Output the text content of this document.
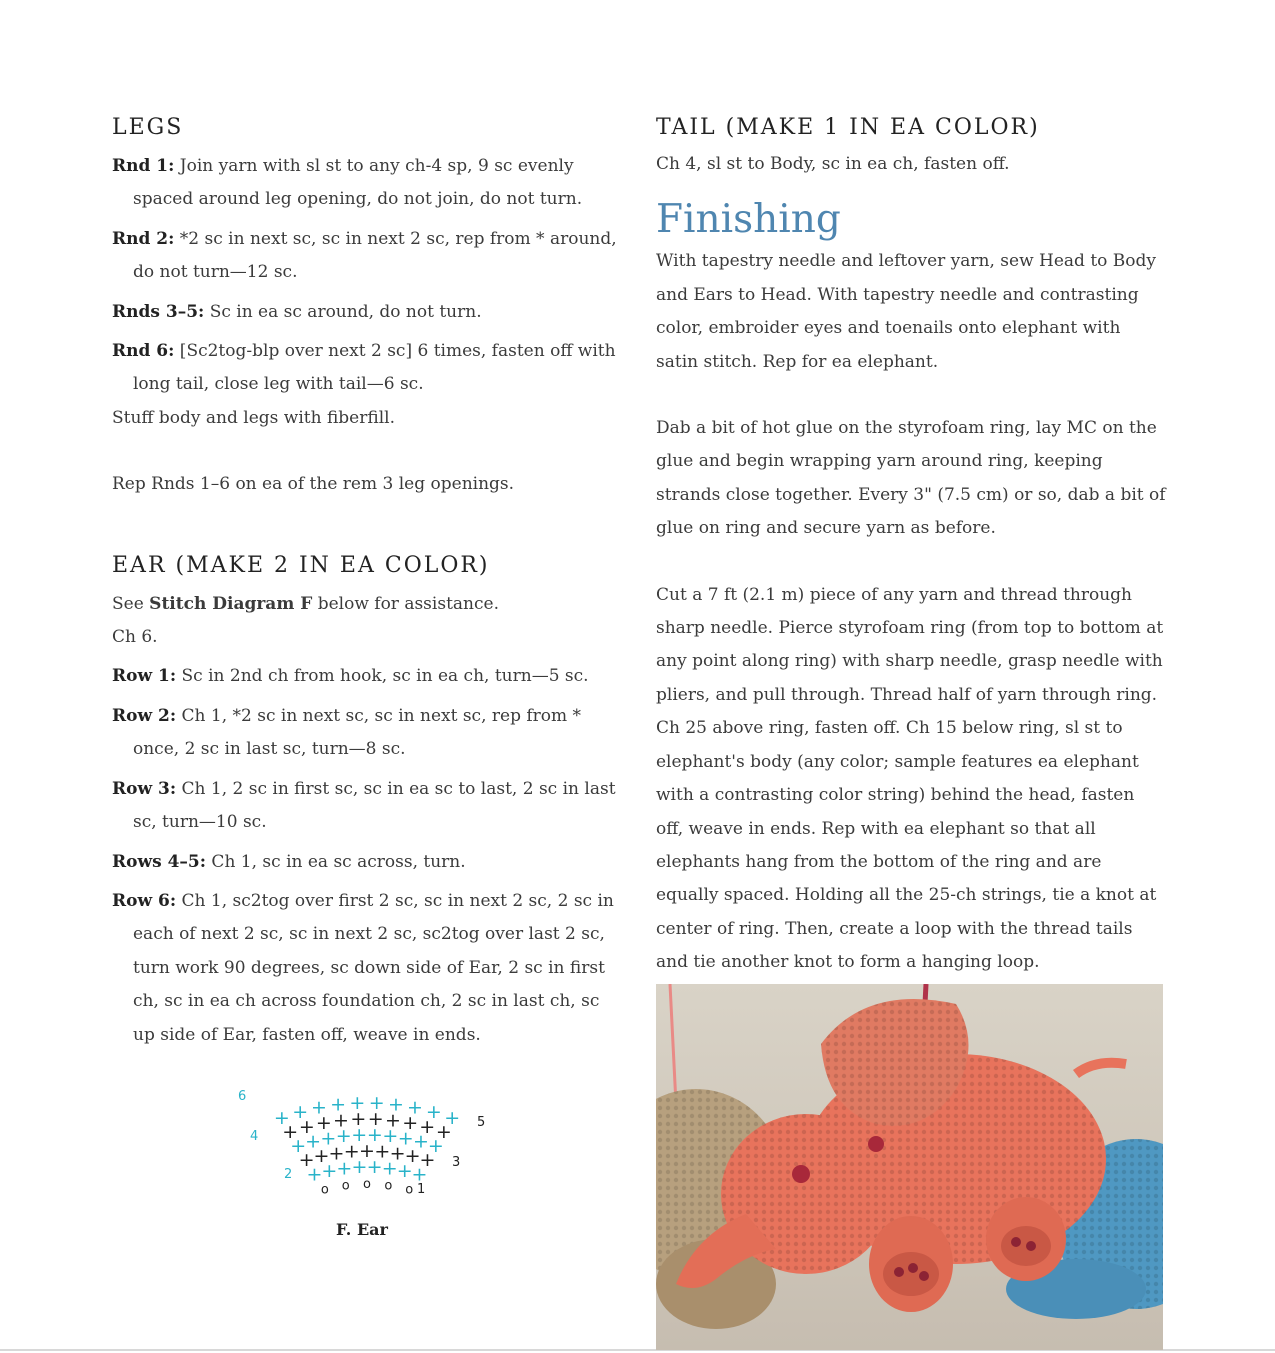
LEGS

Rnd 1: Join yarn with sl st to any ch-4 sp, 9 sc evenly spaced around leg opening, do not join, do not turn.

Rnd 2: *2 sc in next sc, sc in next 2 sc, rep from * around, do not turn—12 sc.

Rnds 3–5: Sc in ea sc around, do not turn.

Rnd 6: [Sc2tog-blp over next 2 sc] 6 times, fasten off with long tail, close leg with tail—6 sc.

Stuff body and legs with fiberfill.

Rep Rnds 1–6 on ea of the rem 3 leg openings.

EAR (MAKE 2 IN EA COLOR)

See Stitch Diagram F below for assistance.

Ch 6.

Row 1: Sc in 2nd ch from hook, sc in ea ch, turn—5 sc.

Row 2: Ch 1, *2 sc in next sc, sc in next sc, rep from * once, 2 sc in last sc, turn—8 sc.

Row 3: Ch 1, 2 sc in first sc, sc in ea sc to last, 2 sc in last sc, turn—10 sc.

Rows 4–5: Ch 1, sc in ea sc across, turn.

Row 6: Ch 1, sc2tog over first 2 sc, sc in next 2 sc, 2 sc in each of next 2 sc, sc in next 2 sc, sc2tog over last 2 sc, turn work 90 degrees, sc down side of Ear, 2 sc in first ch, sc in ea ch across foundation ch, 2 sc in last ch, sc up side of Ear, fasten off, weave in ends.

o o o o o
+
+ + + + + +
+
+
+ + + + + + +
+
+
+ + + + + + + +
+
+ + + + + + + + + +
+ + + + + + + + + +
1
2
3
4
5
6
F. Ear
TAIL (MAKE 1 IN EA COLOR)

Ch 4, sl st to Body, sc in ea ch, fasten off.

Finishing

With tapestry needle and leftover yarn, sew Head to Body and Ears to Head. With tapestry needle and contrasting color, embroider eyes and toenails onto elephant with satin stitch. Rep for ea elephant.

Dab a bit of hot glue on the styrofoam ring, lay MC on the glue and begin wrapping yarn around ring, keeping strands close together. Every 3" (7.5 cm) or so, dab a bit of glue on ring and secure yarn as before.

Cut a 7 ft (2.1 m) piece of any yarn and thread through sharp needle. Pierce styrofoam ring (from top to bottom at any point along ring) with sharp needle, grasp needle with pliers, and pull through. Thread half of yarn through ring. Ch 25 above ring, fasten off. Ch 15 below ring, sl st to elephant's body (any color; sample features ea elephant with a contrasting color string) behind the head, fasten off, weave in ends. Rep with ea elephant so that all elephants hang from the bottom of the ring and are equally spaced. Holding all the 25-ch strings, tie a knot at center of ring. Then, create a loop with the thread tails and tie another knot to form a hanging loop.
